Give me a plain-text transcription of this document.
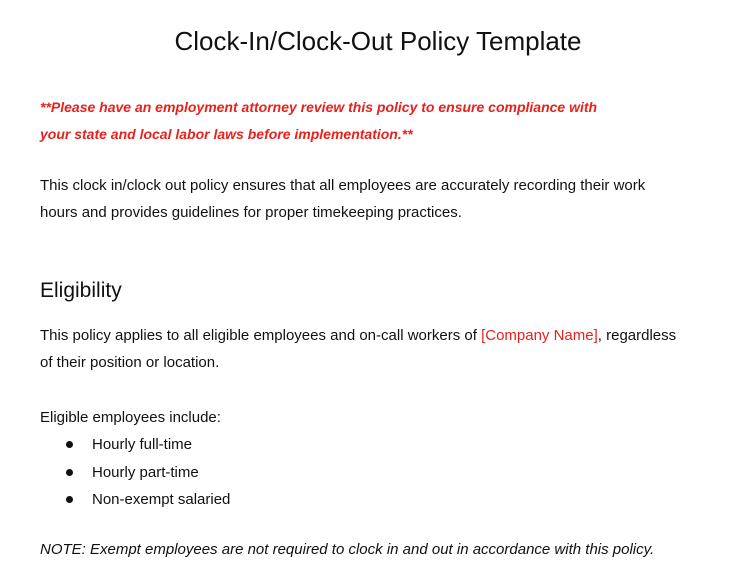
Clock-In/Clock-Out Policy Template
**Please have an employment attorney review this policy to ensure compliance with
your state and local labor laws before implementation.**
This clock in/clock out policy ensures that all employees are accurately recording their work
hours and provides guidelines for proper timekeeping practices.
Eligibility
This policy applies to all eligible employees and on-call workers of [Company Name], regardless
of their position or location.
Eligible employees include:
Hourly full-time
Hourly part-time
Non-exempt salaried
NOTE: Exempt employees are not required to clock in and out in accordance with this policy.
